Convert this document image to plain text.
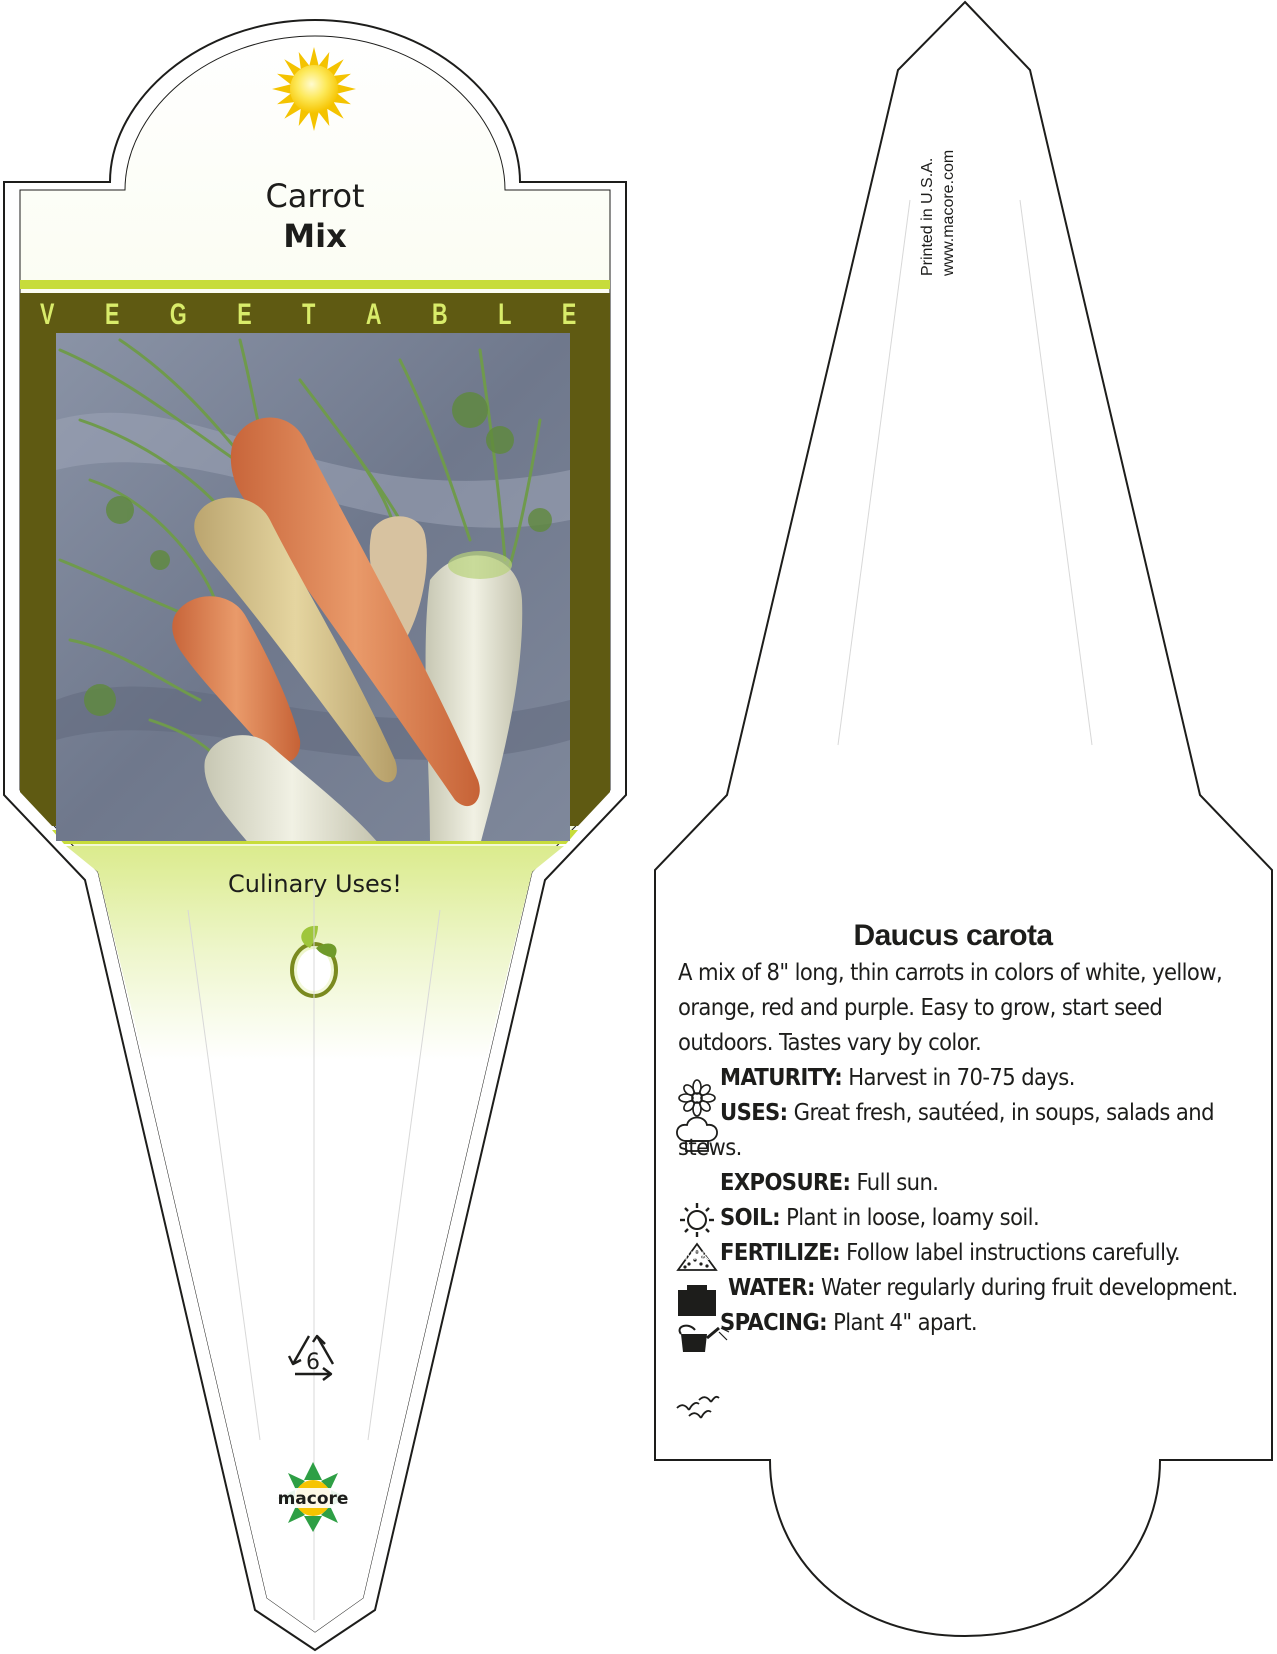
Carrot
Mix
V E G E T A B L E
Culinary Uses!
6
macore
Printed in U.S.A. www.macore.com
Daucus carota

A mix of 8" long, thin carrots in colors of white, yellow, orange, red and purple. Easy to grow, start seed outdoors. Tastes vary by color.

MATURITY: Harvest in 70-75 days.

USES: Great fresh, sautéed, in soups, salads and stews.

EXPOSURE: Full sun.

SOIL: Plant in loose, loamy soil.

NPK FERTILIZE: Follow label instructions carefully.

WATER: Water regularly during fruit development.

SPACING: Plant 4" apart.
